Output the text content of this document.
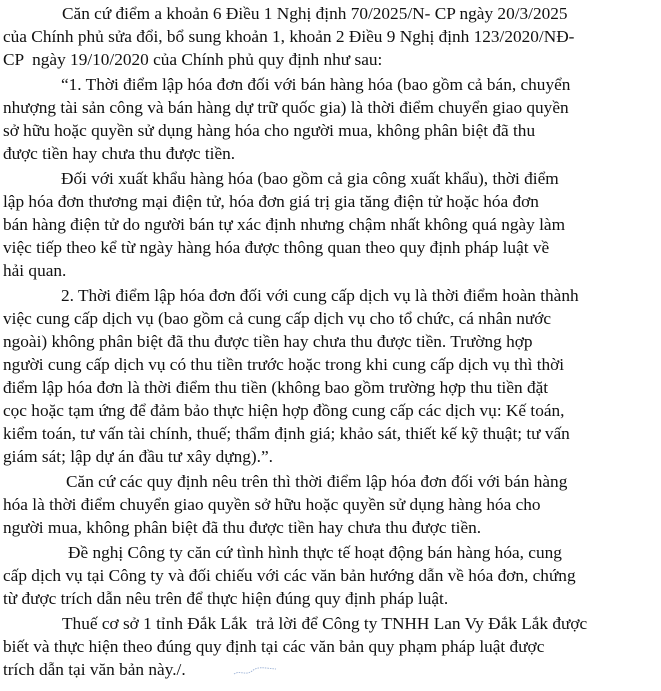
Căn cứ điểm a khoản 6 Điều 1 Nghị định 70/2025/N- CP ngày 20/3/2025
của Chính phủ sửa đổi, bổ sung khoản 1, khoản 2 Điều 9 Nghị định 123/2020/NĐ-
CP  ngày 19/10/2020 của Chính phủ quy định như sau:
“1. Thời điểm lập hóa đơn đối với bán hàng hóa (bao gồm cả bán, chuyển
nhượng tài sản công và bán hàng dự trữ quốc gia) là thời điểm chuyển giao quyền
sở hữu hoặc quyền sử dụng hàng hóa cho người mua, không phân biệt đã thu
được tiền hay chưa thu được tiền.
Đối với xuất khẩu hàng hóa (bao gồm cả gia công xuất khẩu), thời điểm
lập hóa đơn thương mại điện tử, hóa đơn giá trị gia tăng điện tử hoặc hóa đơn
bán hàng điện tử do người bán tự xác định nhưng chậm nhất không quá ngày làm
việc tiếp theo kể từ ngày hàng hóa được thông quan theo quy định pháp luật về
hải quan.
2. Thời điểm lập hóa đơn đối với cung cấp dịch vụ là thời điểm hoàn thành
việc cung cấp dịch vụ (bao gồm cả cung cấp dịch vụ cho tổ chức, cá nhân nước
ngoài) không phân biệt đã thu được tiền hay chưa thu được tiền. Trường hợp
người cung cấp dịch vụ có thu tiền trước hoặc trong khi cung cấp dịch vụ thì thời
điểm lập hóa đơn là thời điểm thu tiền (không bao gồm trường hợp thu tiền đặt
cọc hoặc tạm ứng để đảm bảo thực hiện hợp đồng cung cấp các dịch vụ: Kế toán,
kiểm toán, tư vấn tài chính, thuế; thẩm định giá; khảo sát, thiết kế kỹ thuật; tư vấn
giám sát; lập dự án đầu tư xây dựng).”.
Căn cứ các quy định nêu trên thì thời điểm lập hóa đơn đối với bán hàng
hóa là thời điểm chuyển giao quyền sở hữu hoặc quyền sử dụng hàng hóa cho
người mua, không phân biệt đã thu được tiền hay chưa thu được tiền.
Đề nghị Công ty căn cứ tình hình thực tế hoạt động bán hàng hóa, cung
cấp dịch vụ tại Công ty và đối chiếu với các văn bản hướng dẫn về hóa đơn, chứng
từ được trích dẫn nêu trên để thực hiện đúng quy định pháp luật.
Thuế cơ sở 1 tỉnh Đắk Lắk  trả lời để Công ty TNHH Lan Vy Đắk Lắk được
biết và thực hiện theo đúng quy định tại các văn bản quy phạm pháp luật được
trích dẫn tại văn bản này./.
